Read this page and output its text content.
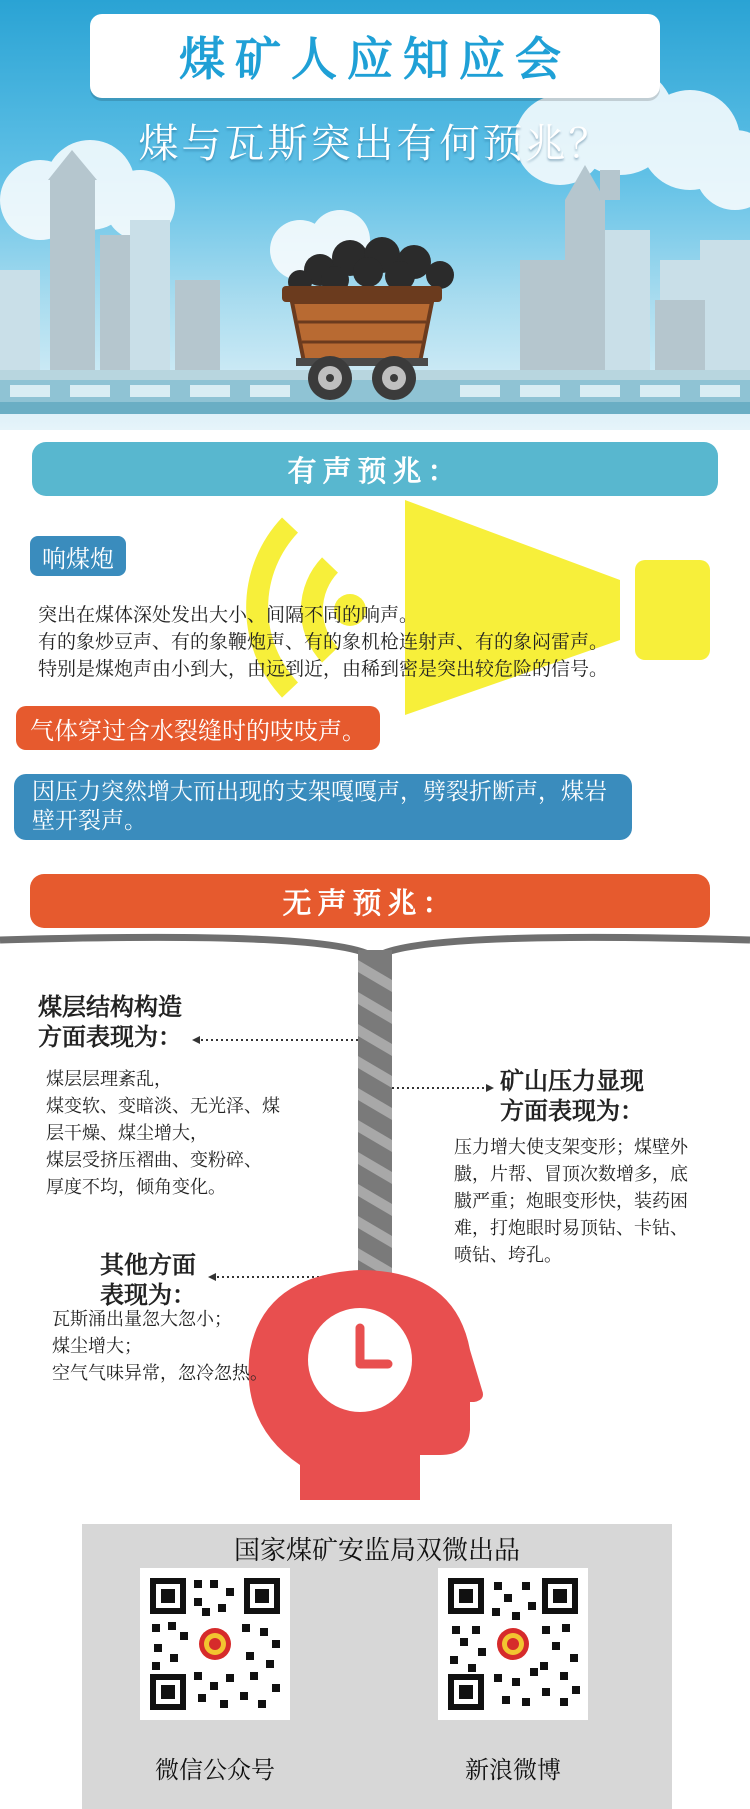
煤矿人应知应会
煤与瓦斯突出有何预兆？
有声预兆：
响煤炮
突出在煤体深处发出大小、间隔不同的响声。
有的象炒豆声、有的象鞭炮声、有的象机枪连射声、有的象闷雷声。
特别是煤炮声由小到大，由远到近，由稀到密是突出较危险的信号。
气体穿过含水裂缝时的吱吱声。
因压力突然增大而出现的支架嘎嘎声，劈裂折断声，煤岩壁开裂声。
无声预兆：
煤层结构构造
方面表现为：
煤层层理紊乱，
煤变软、变暗淡、无光泽、煤
层干燥、煤尘增大，
煤层受挤压褶曲、变粉碎、
厚度不均，倾角变化。
矿山压力显现
方面表现为：
压力增大使支架变形；煤壁外
臌，片帮、冒顶次数增多，底
臌严重；炮眼变形快，装药困
难，打炮眼时易顶钻、卡钻、
喷钻、垮孔。
其他方面
表现为：
瓦斯涌出量忽大忽小；
煤尘增大；
空气气味异常，忽冷忽热。
国家煤矿安监局双微出品
微信公众号	新浪微博
